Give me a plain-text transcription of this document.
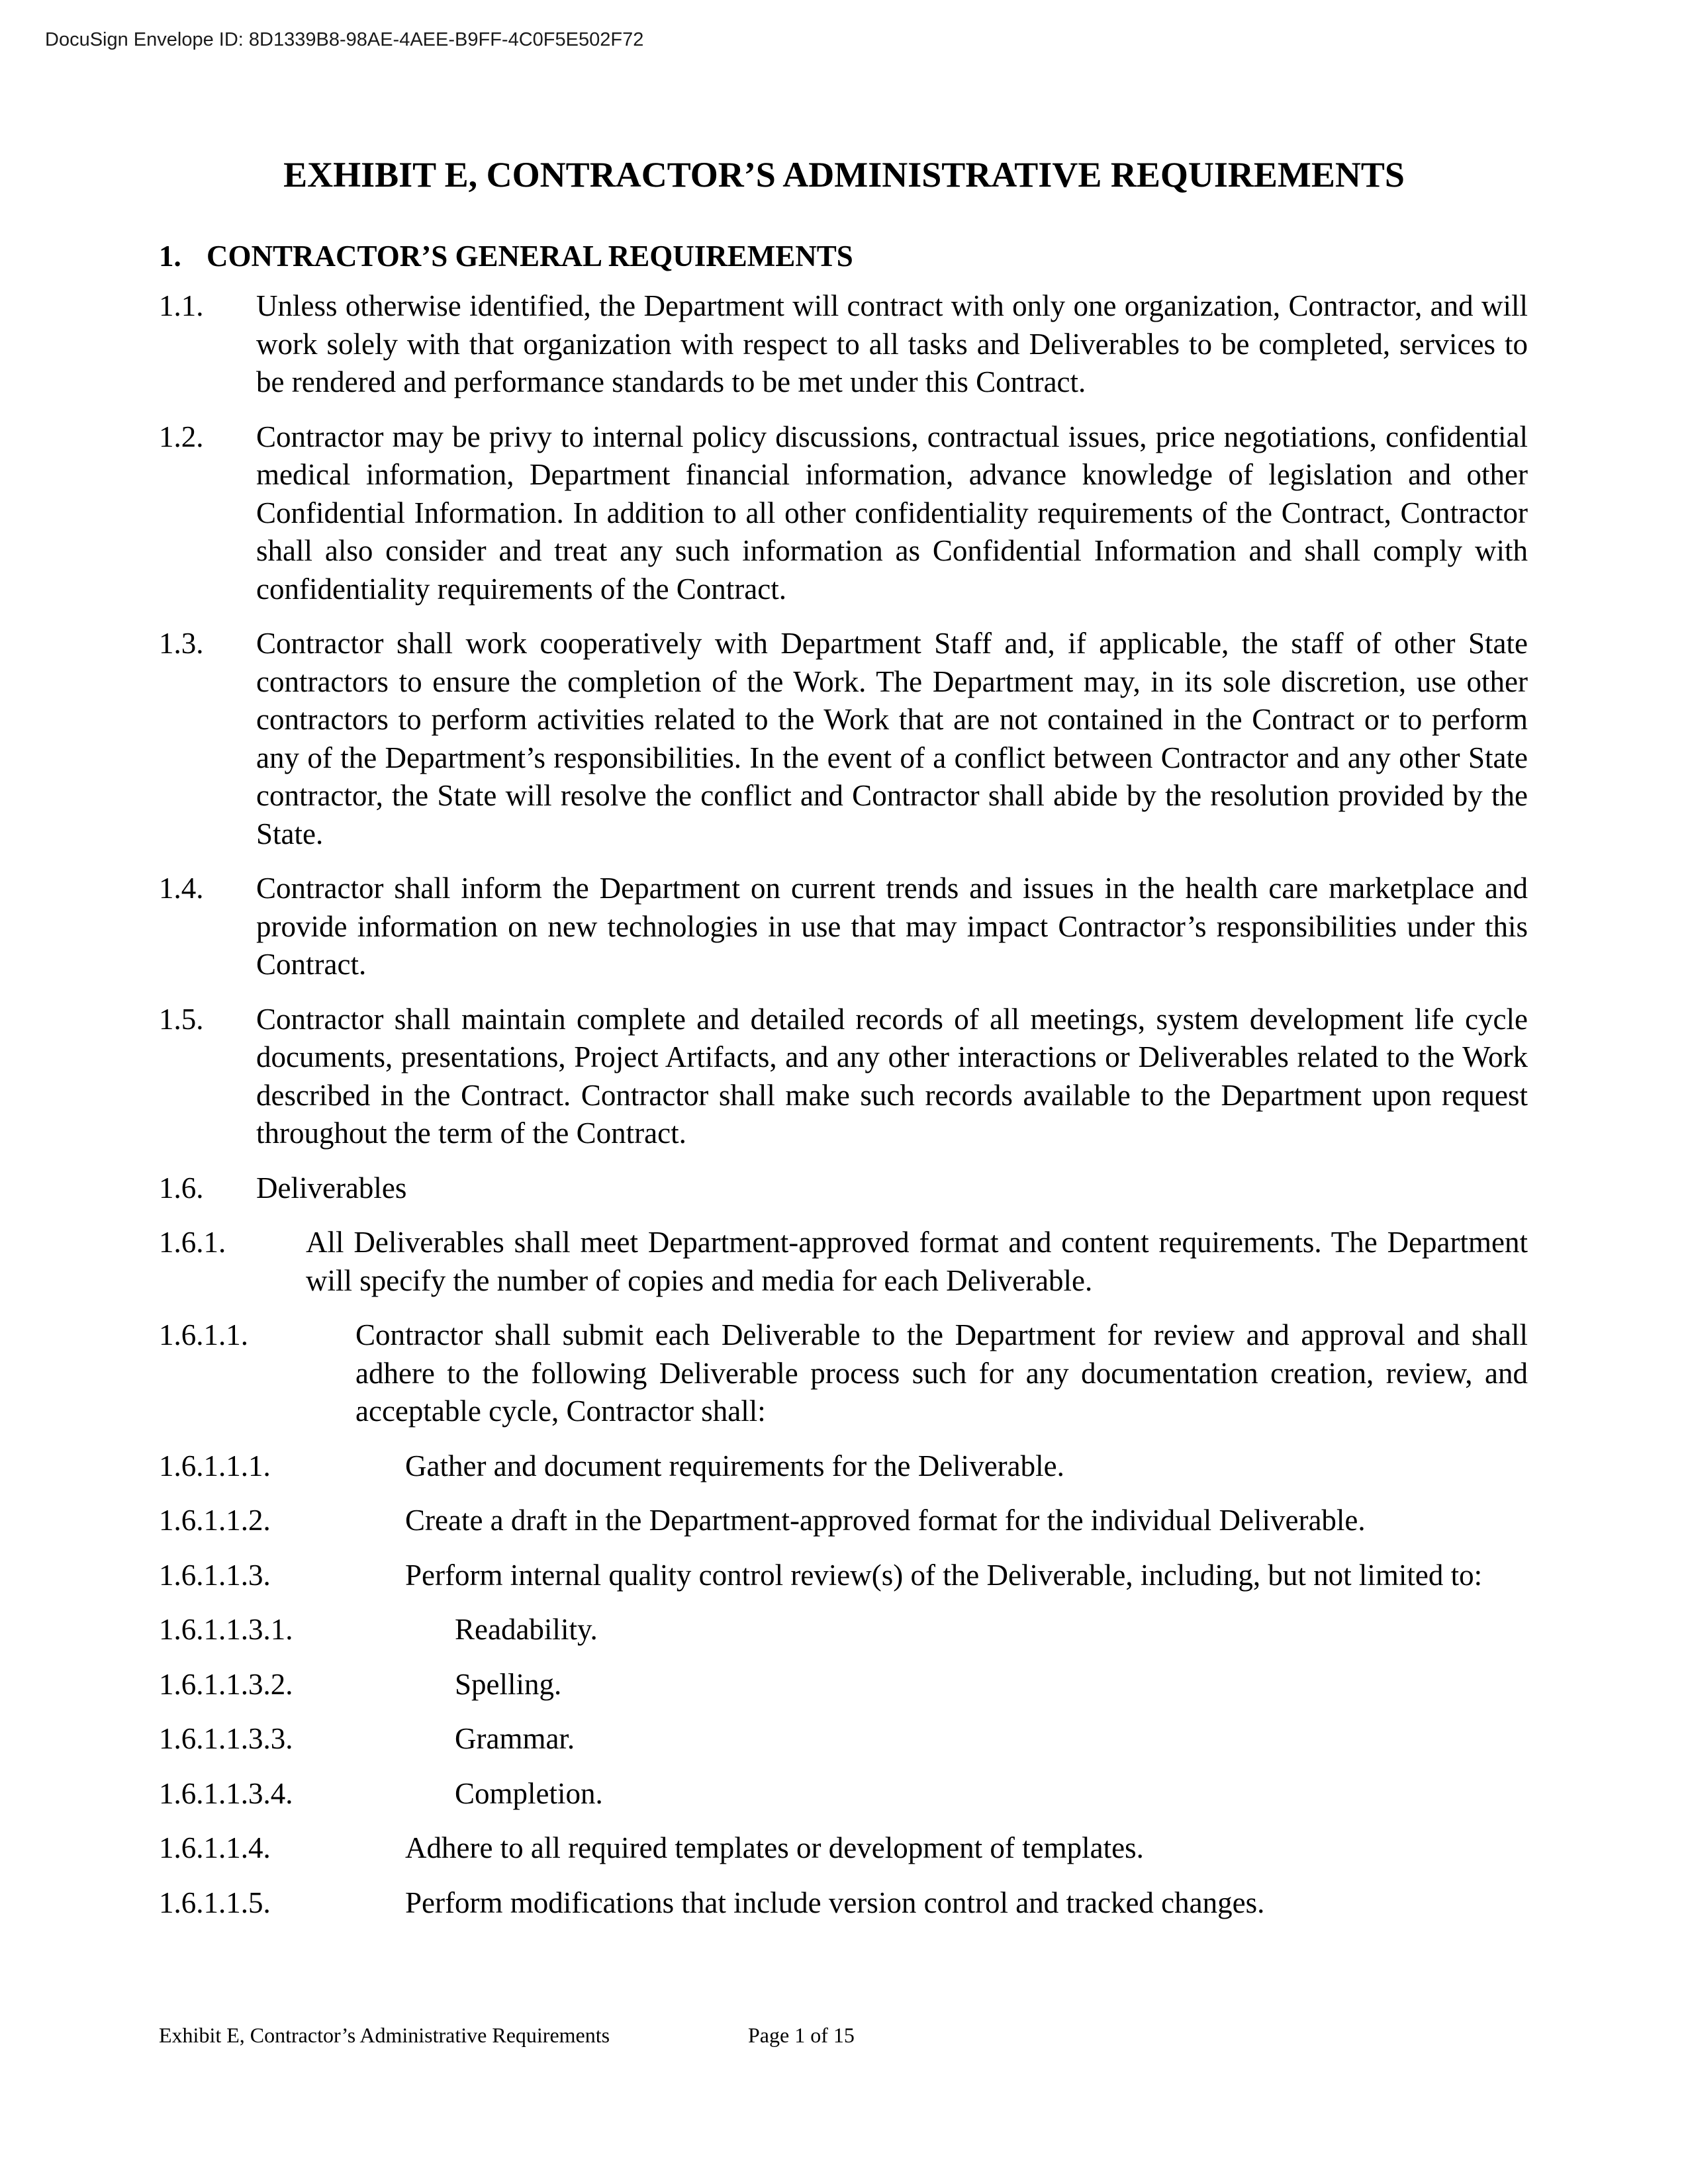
DocuSign Envelope ID: 8D1339B8-98AE-4AEE-B9FF-4C0F5E502F72
EXHIBIT E, CONTRACTOR’S ADMINISTRATIVE REQUIREMENTS
1. CONTRACTOR’S GENERAL REQUIREMENTS
1.1.	Unless otherwise identified, the Department will contract with only one organization, Contractor, and will work solely with that organization with respect to all tasks and Deliverables to be completed, services to be rendered and performance standards to be met under this Contract.
1.2.	Contractor may be privy to internal policy discussions, contractual issues, price negotiations, confidential medical information, Department financial information, advance knowledge of legislation and other Confidential Information. In addition to all other confidentiality requirements of the Contract, Contractor shall also consider and treat any such information as Confidential Information and shall comply with confidentiality requirements of the Contract.
1.3.	Contractor shall work cooperatively with Department Staff and, if applicable, the staff of other State contractors to ensure the completion of the Work. The Department may, in its sole discretion, use other contractors to perform activities related to the Work that are not contained in the Contract or to perform any of the Department’s responsibilities. In the event of a conflict between Contractor and any other State contractor, the State will resolve the conflict and Contractor shall abide by the resolution provided by the State.
1.4.	Contractor shall inform the Department on current trends and issues in the health care marketplace and provide information on new technologies in use that may impact Contractor’s responsibilities under this Contract.
1.5.	Contractor shall maintain complete and detailed records of all meetings, system development life cycle documents, presentations, Project Artifacts, and any other interactions or Deliverables related to the Work described in the Contract. Contractor shall make such records available to the Department upon request throughout the term of the Contract.
1.6.	Deliverables
1.6.1.	All Deliverables shall meet Department-approved format and content requirements. The Department will specify the number of copies and media for each Deliverable.
1.6.1.1.	Contractor shall submit each Deliverable to the Department for review and approval and shall adhere to the following Deliverable process such for any documentation creation, review, and acceptable cycle, Contractor shall:
1.6.1.1.1.	Gather and document requirements for the Deliverable.
1.6.1.1.2.	Create a draft in the Department-approved format for the individual Deliverable.
1.6.1.1.3.	Perform internal quality control review(s) of the Deliverable, including, but not limited to:
1.6.1.1.3.1.	Readability.
1.6.1.1.3.2.	Spelling.
1.6.1.1.3.3.	Grammar.
1.6.1.1.3.4.	Completion.
1.6.1.1.4.	Adhere to all required templates or development of templates.
1.6.1.1.5.	Perform modifications that include version control and tracked changes.
Exhibit E, Contractor’s Administrative Requirements	Page 1 of 15
